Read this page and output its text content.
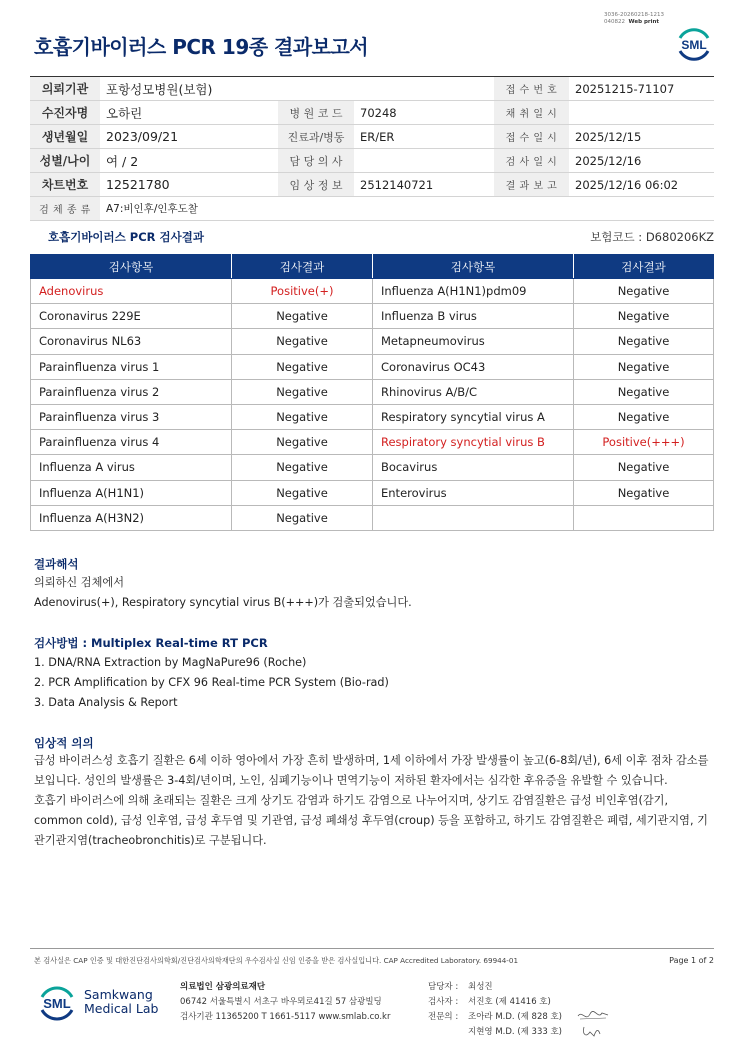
3036-20260218-1213
040822 Web print
호흡기바이러스 PCR 19종 결과보고서	SML
의뢰기관	포항성모병원(보험)			접 수 번 호	20251215-71107
수진자명	오하린	병 원 코 드	70248	채 취 일 시	
생년월일	2023/09/21	진료과/병동	ER/ER	접 수 일 시	2025/12/15
성별/나이	여 / 2	담 당 의 사		검 사 일 시	2025/12/16
차트번호	12521780	임 상 정 보	2512140721	결 과 보 고	2025/12/16 06:02
검 체 종 류	A7:비인후/인후도찰				
호흡기바이러스 PCR 검사결과	보험코드 : D680206KZ
검사항목	검사결과	검사항목	검사결과
Adenovirus	Positive(+)	Influenza A(H1N1)pdm09	Negative
Coronavirus 229E	Negative	Influenza B virus	Negative
Coronavirus NL63	Negative	Metapneumovirus	Negative
Parainfluenza virus 1	Negative	Coronavirus OC43	Negative
Parainfluenza virus 2	Negative	Rhinovirus A/B/C	Negative
Parainfluenza virus 3	Negative	Respiratory syncytial virus A	Negative
Parainfluenza virus 4	Negative	Respiratory syncytial virus B	Positive(+++)
Influenza A virus	Negative	Bocavirus	Negative
Influenza A(H1N1)	Negative	Enterovirus	Negative
Influenza A(H3N2)	Negative		
결과해석
의뢰하신 검체에서
Adenovirus(+), Respiratory syncytial virus B(+++)가 검출되었습니다.
검사방법 : Multiplex Real-time RT PCR
1. DNA/RNA Extraction by MagNaPure96 (Roche)
2. PCR Amplification by CFX 96 Real-time PCR System (Bio-rad)
3. Data Analysis & Report
임상적 의의
급성 바이러스성 호흡기 질환은 6세 이하 영아에서 가장 흔히 발생하며, 1세 이하에서 가장 발생률이 높고(6-8회/년), 6세 이후 점차 감소를 보입니다. 성인의 발생률은 3-4회/년이며, 노인, 심폐기능이나 면역기능이 저하된 환자에서는 심각한 후유증을 유발할 수 있습니다.
호흡기 바이러스에 의해 초래되는 질환은 크게 상기도 감염과 하기도 감염으로 나누어지며, 상기도 감염질환은 급성 비인후염(감기, common cold), 급성 인후염, 급성 후두염 및 기관염, 급성 폐쇄성 후두염(croup) 등을 포함하고, 하기도 감염질환은 폐렴, 세기관지염, 기관기관지염(tracheobronchitis)로 구분됩니다.
본 검사실은 CAP 인증 및 대한진단검사의학회/진단검사의학재단의 우수검사실 신임 인증을 받은 검사실입니다. CAP Accredited Laboratory. 69944-01	Page 1 of 2
SML
Samkwang
Medical Lab
의료법인 삼광의료재단
06742 서울특별시 서초구 바우뫼로41길 57 삼광빌딩
검사기관 11365200 T 1661-5117 www.smlab.co.kr
담당자 :	최성진
검사자 :	서진호 (제 41416 호)
전문의 :	조아라 M.D. (제 828 호)
지현영 M.D. (제 333 호)
